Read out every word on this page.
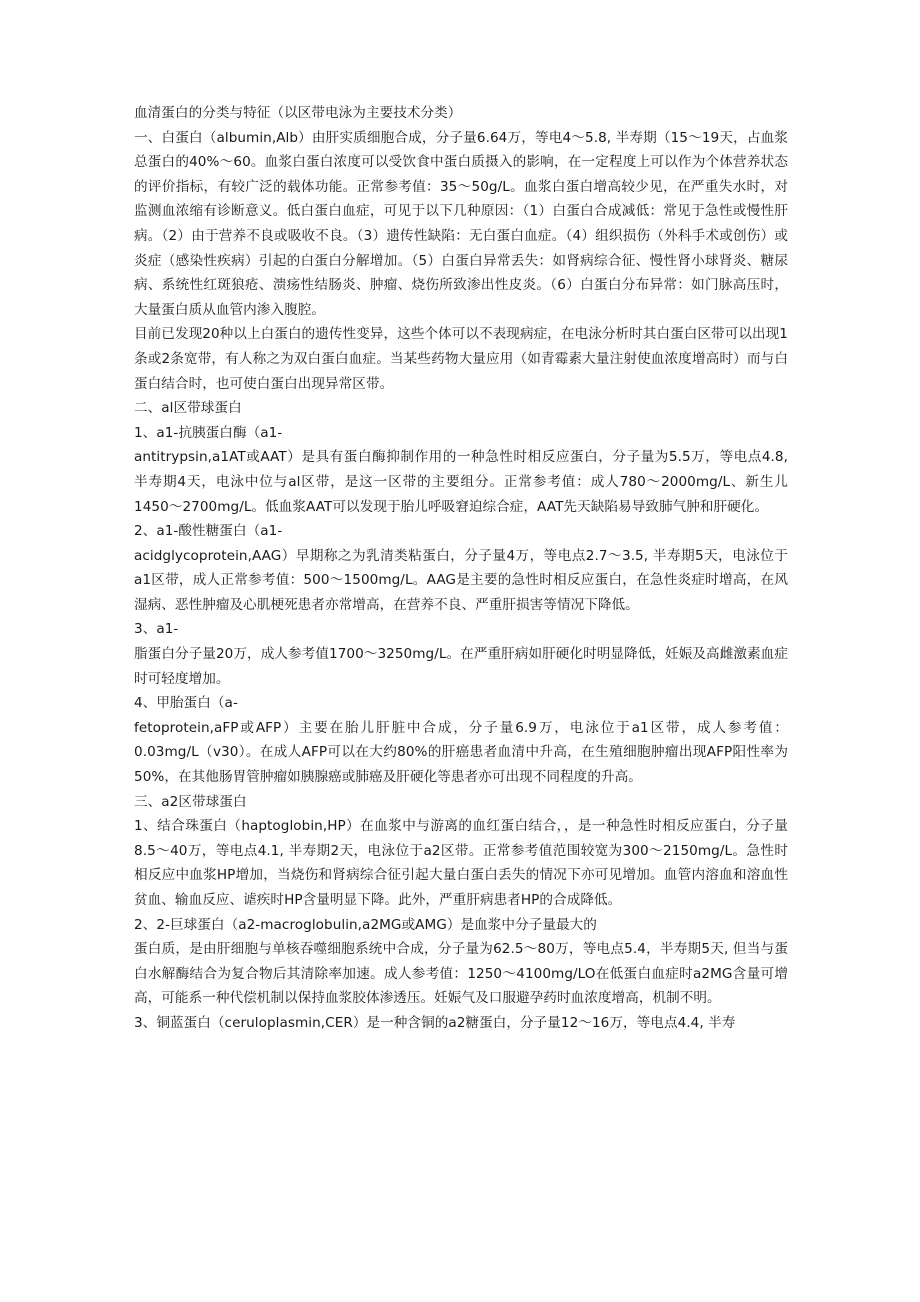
血清蛋白的分类与特征（以区带电泳为主要技术分类）

一、白蛋白（albumin,Alb）由肝实质细胞合成，分子量6.64万，等电4～5.8, 半寿期（15～19天，占血浆总蛋白的40%～60。血浆白蛋白浓度可以受饮食中蛋白质摄入的影响，在一定程度上可以作为个体营养状态的评价指标，有较广泛的载体功能。正常参考值：35～50g/L。血浆白蛋白增高较少见，在严重失水时，对监测血浓缩有诊断意义。低白蛋白血症，可见于以下几种原因：（1）白蛋白合成减低：常见于急性或慢性肝病。（2）由于营养不良或吸收不良。（3）遗传性缺陷：无白蛋白血症。（4）组织损伤（外科手术或创伤）或炎症（感染性疾病）引起的白蛋白分解增加。（5）白蛋白异常丢失：如肾病综合征、慢性肾小球肾炎、糖尿病、系统性红斑狼疮、溃疡性结肠炎、肿瘤、烧伤所致渗出性皮炎。（6）白蛋白分布异常：如门脉高压时，大量蛋白质从血管内渗入腹腔。

目前已发现20种以上白蛋白的遗传性变异，这些个体可以不表现病症，在电泳分析时其白蛋白区带可以出现1条或2条宽带，有人称之为双白蛋白血症。当某些药物大量应用（如青霉素大量注射使血浓度增高时）而与白蛋白结合时，也可使白蛋白出现异常区带。

二、al区带球蛋白

1、a1-抗胰蛋白酶（a1-

antitrypsin,a1AT或AAT）是具有蛋白酶抑制作用的一种急性时相反应蛋白，分子量为5.5万，等电点4.8, 半寿期4天，电泳中位与al区带，是这一区带的主要组分。正常参考值：成人780～2000mg/L、新生儿1450～2700mg/L。低血浆AAT可以发现于胎儿呼吸窘迫综合症，AAT先天缺陷易导致肺气肿和肝硬化。

2、a1-酸性糖蛋白（a1-

acidglycoprotein,AAG）早期称之为乳清类粘蛋白，分子量4万，等电点2.7～3.5, 半寿期5天，电泳位于a1区带，成人正常参考值：500～1500mg/L。AAG是主要的急性时相反应蛋白，在急性炎症时增高，在风湿病、恶性肿瘤及心肌梗死患者亦常增高，在营养不良、严重肝损害等情况下降低。

3、a1-

脂蛋白分子量20万，成人参考值1700～3250mg/L。在严重肝病如肝硬化时明显降低，妊娠及高雌激素血症时可轻度增加。

4、甲胎蛋白（a-

fetoprotein,aFP或AFP）主要在胎儿肝脏中合成，分子量6.9万，电泳位于a1区带，成人参考值：0.03mg/L（v30）。在成人AFP可以在大约80%的肝癌患者血清中升高，在生殖细胞肿瘤出现AFP阳性率为50%，在其他肠胃管肿瘤如胰腺癌或肺癌及肝硬化等患者亦可出现不同程度的升高。

三、a2区带球蛋白

1、结合珠蛋白（haptoglobin,HP）在血浆中与游离的血红蛋白结合，，是一种急性时相反应蛋白，分子量8.5～40万，等电点4.1, 半寿期2天，电泳位于a2区带。正常参考值范围较宽为300～2150mg/L。急性时相反应中血浆HP增加，当烧伤和肾病综合征引起大量白蛋白丢失的情况下亦可见增加。血管内溶血和溶血性贫血、输血反应、谑疾时HP含量明显下降。此外，严重肝病患者HP的合成降低。

2、2-巨球蛋白（a2-macroglobulin,a2MG或AMG）是血浆中分子量最大的

蛋白质，是由肝细胞与单核吞噬细胞系统中合成，分子量为62.5～80万，等电点5.4，半寿期5天, 但当与蛋白水解酶结合为复合物后其清除率加速。成人参考值：1250～4100mg/LO在低蛋白血症时a2MG含量可增高，可能系一种代偿机制以保持血浆胶体渗透压。妊娠气及口服避孕药时血浓度增高，机制不明。

3、铜蓝蛋白（ceruloplasmin,CER）是一种含铜的a2糖蛋白，分子量12～16万，等电点4.4, 半寿
